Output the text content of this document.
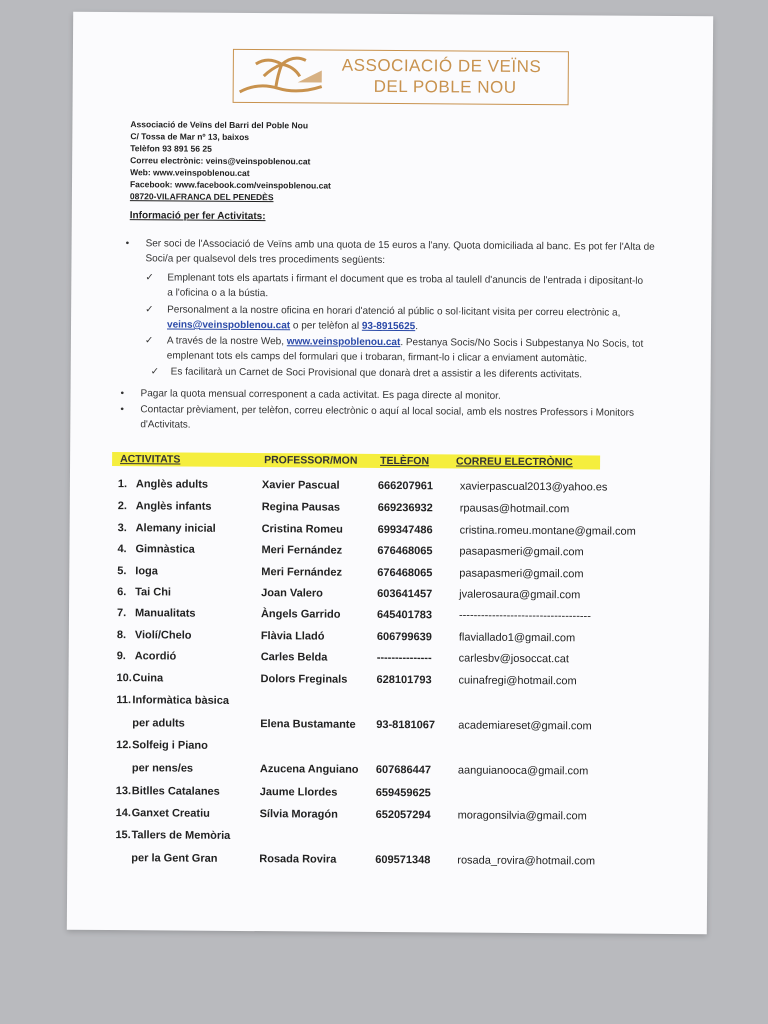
ASSOCIACIÓ DE VEÏNS
DEL POBLE NOU
Associació de Veïns del Barri del Poble Nou
C/ Tossa de Mar nº 13, baixos
Telèfon 93 891 56 25
Correu electrònic: veins@veinspoblenou.cat
Web: www.veinspoblenou.cat
Facebook: www.facebook.com/veinspoblenou.cat
08720-VILAFRANCA DEL PENEDÈS
Informació per fer Activitats:
• Ser soci de l'Associació de Veïns amb una quota de 15 euros a l'any. Quota domiciliada al banc. Es pot fer l'Alta de
Soci/a per qualsevol dels tres procediments següents:
✓ Emplenant tots els apartats i firmant el document que es troba al taulell d'anuncis de l'entrada i dipositant-lo
a l'oficina o a la bústia.
✓ Personalment a la nostre oficina en horari d'atenció al públic o sol·licitant visita per correu electrònic a,
veins@veinspoblenou.cat o per telèfon al 93-8915625.
✓ A través de la nostre Web, www.veinspoblenou.cat. Pestanya Socis/No Socis i Subpestanya No Socis, tot
emplenant tots els camps del formulari que i trobaran, firmant-lo i clicar a enviament automàtic.
✓ Es facilitarà un Carnet de Soci Provisional que donarà dret a assistir a les diferents activitats.
• Pagar la quota mensual corresponent a cada activitat. Es paga directe al monitor.
• Contactar prèviament, per telèfon, correu electrònic o aquí al local social, amb els nostres Professors i Monitors
d'Activitats.
ACTIVITATS	PROFESSOR/MON TELÈFON	CORREU ELECTRÒNIC
1. Anglès adults	Xavier Pascual	666207961 xavierpascual2013@yahoo.es
2. Anglès infants	Regina Pausas	669236932 rpausas@hotmail.com
3. Alemany inicial	Cristina Romeu	699347486 cristina.romeu.montane@gmail.com
4. Gimnàstica	Meri Fernández	676468065 pasapasmeri@gmail.com
5. Ioga	Meri Fernández	676468065 pasapasmeri@gmail.com
6. Tai Chi	Joan Valero	603641457 jvalerosaura@gmail.com
7. Manualitats	Àngels Garrido	645401783 ------------------------------------
8. Violí/Chelo	Flàvia Lladó	606799639 flaviallado1@gmail.com
9. Acordió	Carles Belda	--------------- carlesbv@josoccat.cat
10. Cuina	Dolors Freginals	628101793 cuinafregi@hotmail.com
11. Informàtica bàsica
per adults	Elena Bustamante 93-8181067 academiareset@gmail.com
12. Solfeig i Piano
per nens/es	Azucena Anguiano 607686447 aanguianooca@gmail.com
13. Bitlles Catalanes	Jaume Llordes	659459625
14. Ganxet Creatiu	Sílvia Moragón	652057294 moragonsilvia@gmail.com
15. Tallers de Memòria
per la Gent Gran	Rosada Rovira	609571348 rosada_rovira@hotmail.com
